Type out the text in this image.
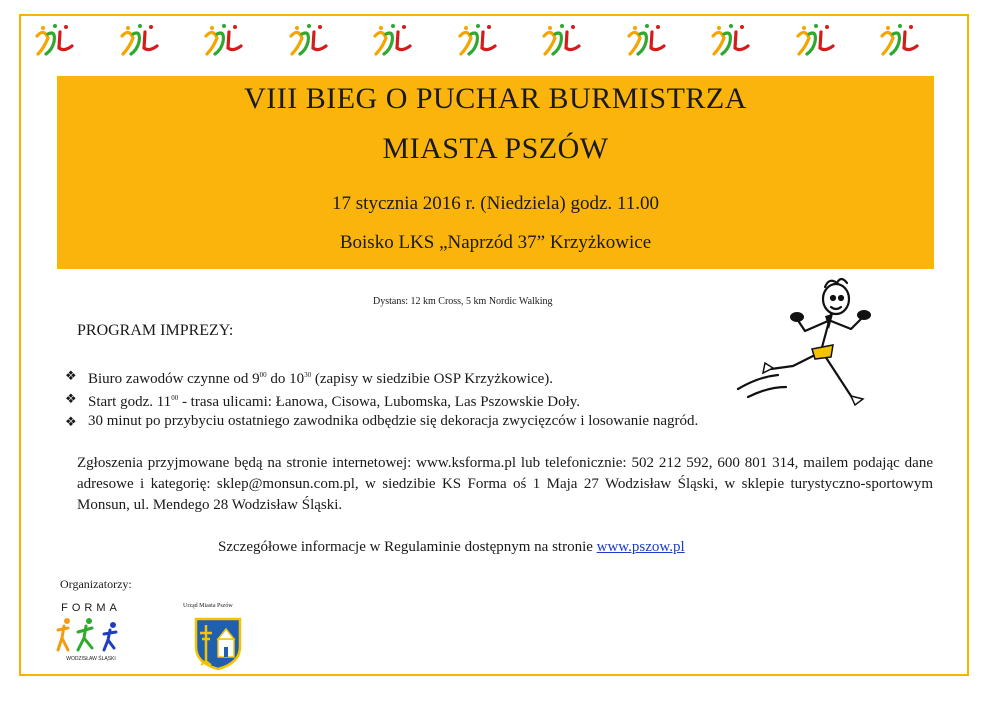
VIII BIEG O PUCHAR BURMISTRZA
MIASTA PSZÓW
17 stycznia 2016 r. (Niedziela) godz. 11.00
Boisko LKS „Naprzód 37” Krzyżkowice
Dystans: 12 km Cross, 5 km Nordic Walking
PROGRAM IMPREZY:
❖ Biuro zawodów czynne od $9^{00}$ do $10^{30}$ (zapisy w siedzibie OSP Krzyżkowice).
❖ Start godz. $11^{00}$ - trasa ulicami: Łanowa, Cisowa, Lubomska, Las Pszowskie Doły.
❖ 30 minut po przybyciu ostatniego zawodnika odbędzie się dekoracja zwycięzców i losowanie nagród.
Zgłoszenia przyjmowane będą na stronie internetowej: www.ksforma.pl lub telefonicznie: 502 212 592, 600 801 314, mailem podając dane adresowe i kategorię: sklep@monsun.com.pl, w siedzibie KS Forma oś 1 Maja 27 Wodzisław Śląski, w sklepie turystyczno-sportowym Monsun, ul. Mendego 28 Wodzisław Śląski.
Szczegółowe informacje w Regulaminie dostępnym na stronie www.pszow.pl
Organizatorzy:
FORMA
WODZISŁAW ŚLĄSKI
Urząd Miasta Pszów
